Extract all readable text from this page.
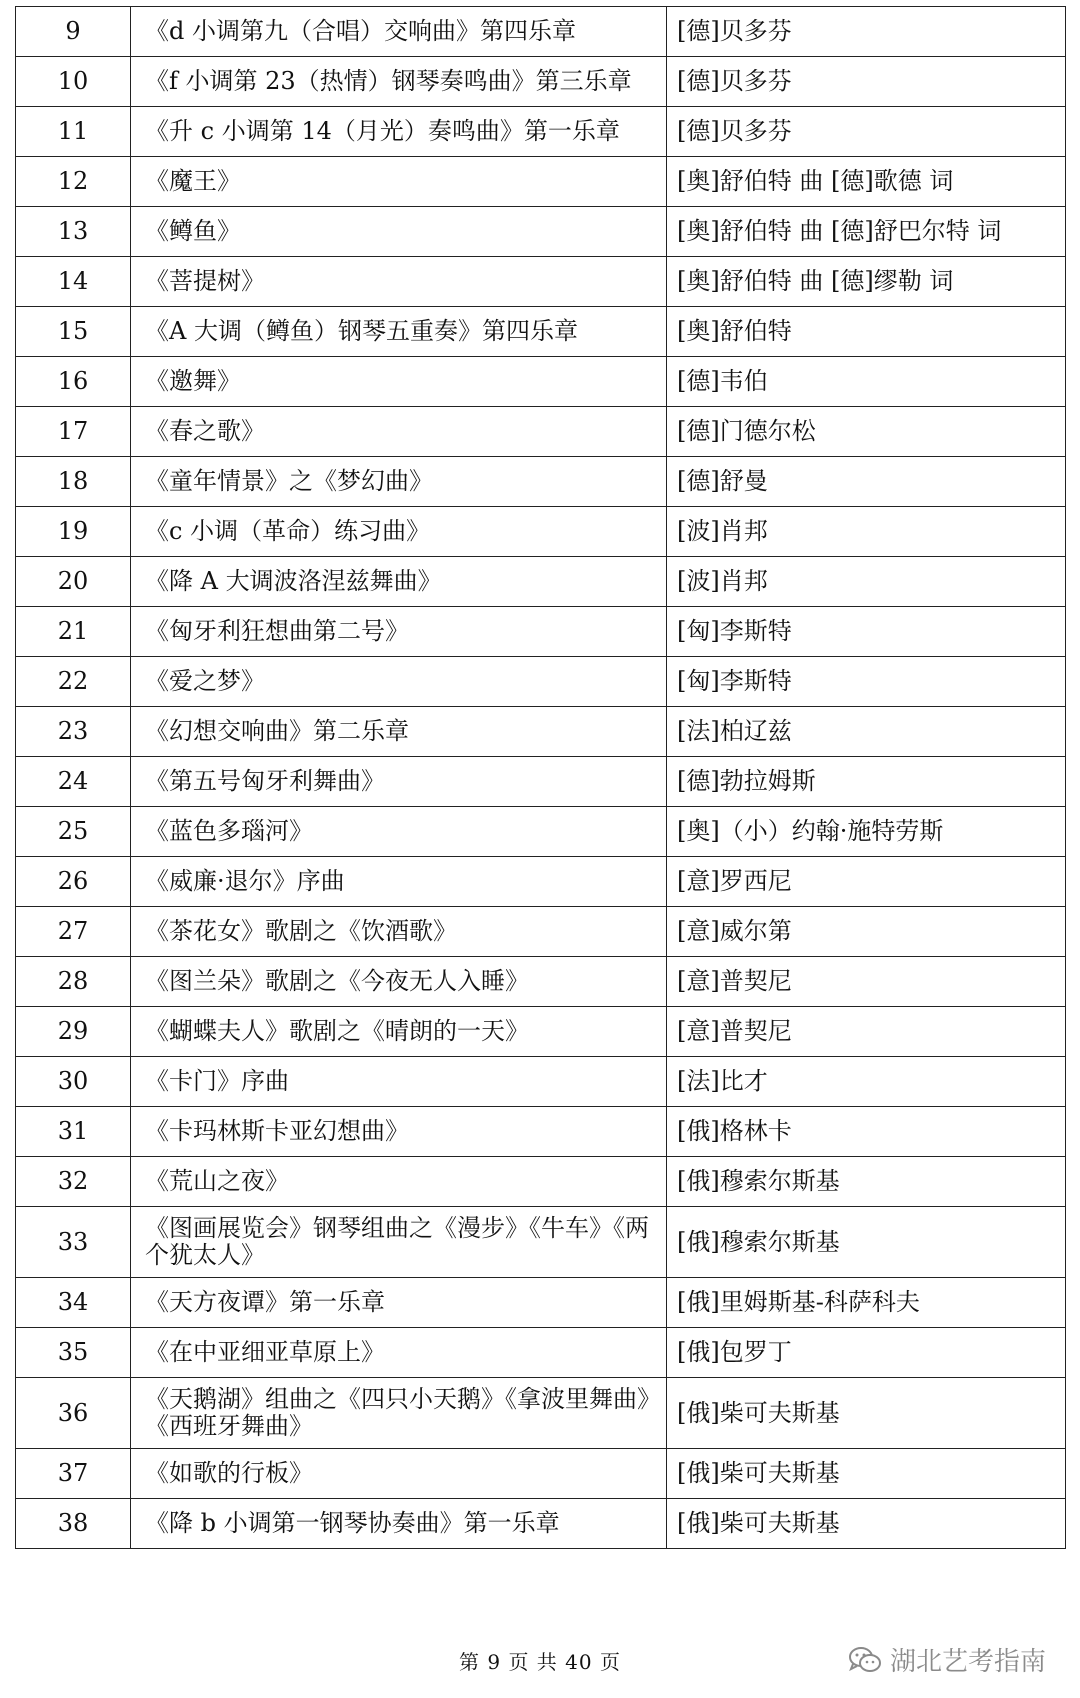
9	《d 小调第九（合唱）交响曲》第四乐章	[德]贝多芬
10	《f 小调第 23（热情）钢琴奏鸣曲》第三乐章	[德]贝多芬
11	《升 c 小调第 14（月光）奏鸣曲》第一乐章	[德]贝多芬
12	《魔王》	[奥]舒伯特 曲 [德]歌德 词
13	《鳟鱼》	[奥]舒伯特 曲 [德]舒巴尔特 词
14	《菩提树》	[奥]舒伯特 曲 [德]缪勒 词
15	《A 大调（鳟鱼）钢琴五重奏》第四乐章	[奥]舒伯特
16	《邀舞》	[德]韦伯
17	《春之歌》	[德]门德尔松
18	《童年情景》之《梦幻曲》	[德]舒曼
19	《c 小调（革命）练习曲》	[波]肖邦
20	《降 A 大调波洛涅兹舞曲》	[波]肖邦
21	《匈牙利狂想曲第二号》	[匈]李斯特
22	《爱之梦》	[匈]李斯特
23	《幻想交响曲》第二乐章	[法]柏辽兹
24	《第五号匈牙利舞曲》	[德]勃拉姆斯
25	《蓝色多瑙河》	[奥]（小）约翰·施特劳斯
26	《威廉·退尔》序曲	[意]罗西尼
27	《茶花女》歌剧之《饮酒歌》	[意]威尔第
28	《图兰朵》歌剧之《今夜无人入睡》	[意]普契尼
29	《蝴蝶夫人》歌剧之《晴朗的一天》	[意]普契尼
30	《卡门》序曲	[法]比才
31	《卡玛林斯卡亚幻想曲》	[俄]格林卡
32	《荒山之夜》	[俄]穆索尔斯基
33	《图画展览会》钢琴组曲之《漫步》《牛车》《两个犹太人》	[俄]穆索尔斯基
34	《天方夜谭》第一乐章	[俄]里姆斯基-科萨科夫
35	《在中亚细亚草原上》	[俄]包罗丁
36	《天鹅湖》组曲之《四只小天鹅》《拿波里舞曲》《西班牙舞曲》	[俄]柴可夫斯基
37	《如歌的行板》	[俄]柴可夫斯基
38	《降 b 小调第一钢琴协奏曲》第一乐章	[俄]柴可夫斯基
第 9 页 共 40 页	湖北艺考指南
